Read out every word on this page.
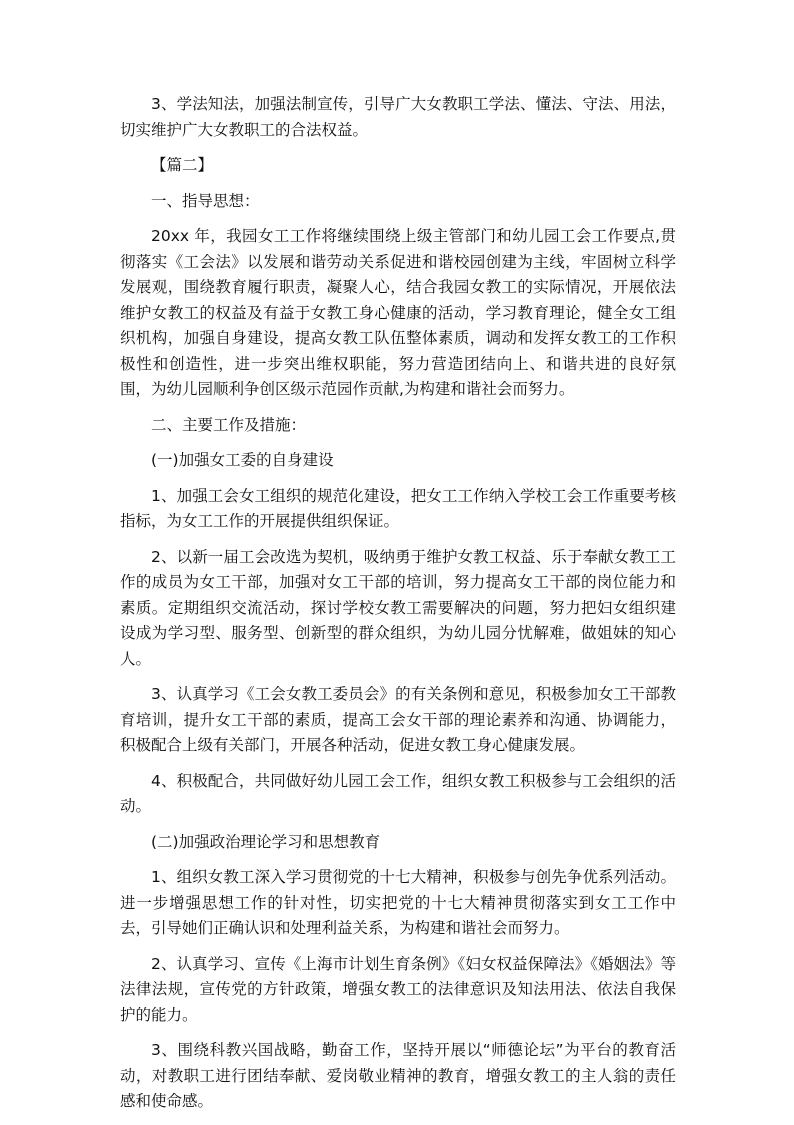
3、学法知法，加强法制宣传，引导广大女教职工学法、懂法、守法、用法，切实维护广大女教职工的合法权益。

【篇二】

一、指导思想：

20xx 年，我园女工工作将继续围绕上级主管部门和幼儿园工会工作要点,贯彻落实《工会法》以发展和谐劳动关系促进和谐校园创建为主线，牢固树立科学发展观，围绕教育履行职责，凝聚人心，结合我园女教工的实际情况，开展依法维护女教工的权益及有益于女教工身心健康的活动，学习教育理论，健全女工组织机构，加强自身建设，提高女教工队伍整体素质，调动和发挥女教工的工作积极性和创造性，进一步突出维权职能，努力营造团结向上、和谐共进的良好氛围，为幼儿园顺利争创区级示范园作贡献,为构建和谐社会而努力。

二、主要工作及措施：

(一)加强女工委的自身建设

1、加强工会女工组织的规范化建设，把女工工作纳入学校工会工作重要考核指标，为女工工作的开展提供组织保证。

2、以新一届工会改选为契机，吸纳勇于维护女教工权益、乐于奉献女教工工作的成员为女工干部，加强对女工干部的培训，努力提高女工干部的岗位能力和素质。定期组织交流活动，探讨学校女教工需要解决的问题，努力把妇女组织建设成为学习型、服务型、创新型的群众组织，为幼儿园分忧解难，做姐妹的知心人。

3、认真学习《工会女教工委员会》的有关条例和意见，积极参加女工干部教育培训，提升女工干部的素质，提高工会女干部的理论素养和沟通、协调能力，积极配合上级有关部门，开展各种活动，促进女教工身心健康发展。

4、积极配合，共同做好幼儿园工会工作，组织女教工积极参与工会组织的活动。

(二)加强政治理论学习和思想教育

1、组织女教工深入学习贯彻党的十七大精神，积极参与创先争优系列活动。进一步增强思想工作的针对性，切实把党的十七大精神贯彻落实到女工工作中去，引导她们正确认识和处理利益关系，为构建和谐社会而努力。

2、认真学习、宣传《上海市计划生育条例》《妇女权益保障法》《婚姻法》等法律法规，宣传党的方针政策，增强女教工的法律意识及知法用法、依法自我保护的能力。

3、围绕科教兴国战略，勤奋工作，坚持开展以“师德论坛”为平台的教育活动，对教职工进行团结奉献、爱岗敬业精神的教育，增强女教工的主人翁的责任感和使命感。
